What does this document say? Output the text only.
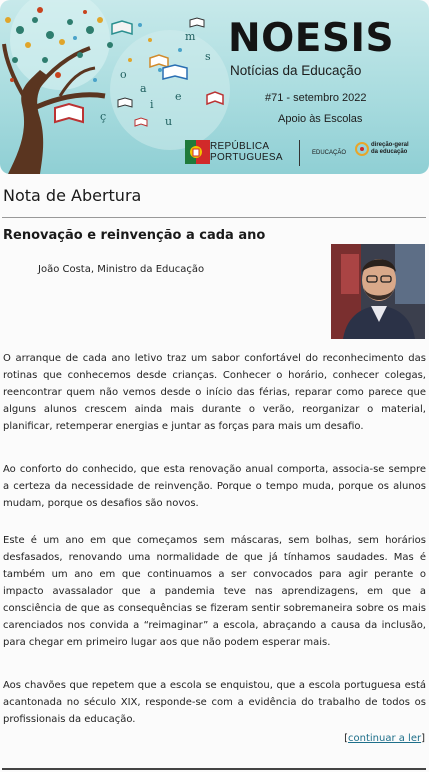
a
e
ç
m
i
s
o
u
NOESIS
Notícias da Educação
#71 - setembro 2022
Apoio às Escolas
REPÚBLICA
PORTUGUESA	EDUCAÇÃO
direção-geral
da educação
Nota de Abertura
Renovação e reinvenção a cada ano
João Costa, Ministro da Educação

O arranque de cada ano letivo traz um sabor confortável do reconhecimento das rotinas que conhecemos desde crianças. Conhecer o horário, conhecer colegas, reencontrar quem não vemos desde o início das férias, reparar como parece que alguns alunos crescem ainda mais durante o verão, reorganizar o material, planificar, retemperar energias e juntar as forças para mais um desafio.

Ao conforto do conhecido, que esta renovação anual comporta, associa-se sempre a certeza da necessidade de reinvenção. Porque o tempo muda, porque os alunos mudam, porque os desafios são novos.

Este é um ano em que começamos sem máscaras, sem bolhas, sem horários desfasados, renovando uma normalidade de que já tínhamos saudades. Mas é também um ano em que continuamos a ser convocados para agir perante o impacto avassalador que a pandemia teve nas aprendizagens, em que a consciência de que as consequências se fizeram sentir sobremaneira sobre os mais carenciados nos convida a “reimaginar” a escola, abraçando a causa da inclusão, para chegar em primeiro lugar aos que não podem esperar mais.

Aos chavões que repetem que a escola se enquistou, que a escola portuguesa está acantonada no século XIX, responde-se com a evidência do trabalho de todos os profissionais da educação.

[continuar a ler]
